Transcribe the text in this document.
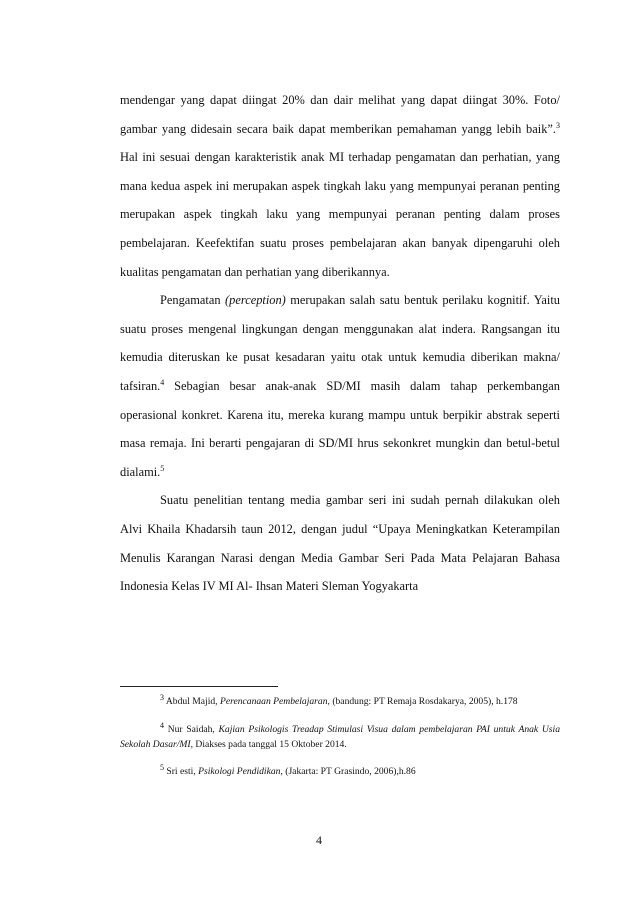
mendengar yang dapat diingat 20% dan dair melihat yang dapat diingat 30%. Foto/ gambar yang didesain secara baik dapat memberikan pemahaman yangg lebih baik”.$^3$ Hal ini sesuai dengan karakteristik anak MI terhadap pengamatan dan perhatian, yang mana kedua aspek ini merupakan aspek tingkah laku yang mempunyai peranan penting merupakan aspek tingkah laku yang mempunyai peranan penting dalam proses pembelajaran. Keefektifan suatu proses pembelajaran akan banyak dipengaruhi oleh kualitas pengamatan dan perhatian yang diberikannya.

Pengamatan (perception) merupakan salah satu bentuk perilaku kognitif. Yaitu suatu proses mengenal lingkungan dengan menggunakan alat indera. Rangsangan itu kemudia diteruskan ke pusat kesadaran yaitu otak untuk kemudia diberikan makna/ tafsiran.$^4$ Sebagian besar anak-anak SD/MI masih dalam tahap perkembangan operasional konkret. Karena itu, mereka kurang mampu untuk berpikir abstrak seperti masa remaja. Ini berarti pengajaran di SD/MI hrus sekonkret mungkin dan betul-betul dialami.$^5$

Suatu penelitian tentang media gambar seri ini sudah pernah dilakukan oleh Alvi Khaila Khadarsih taun 2012, dengan judul “Upaya Meningkatkan Keterampilan Menulis Karangan Narasi dengan Media Gambar Seri Pada Mata Pelajaran Bahasa Indonesia Kelas IV MI Al- Ihsan Materi Sleman Yogyakarta

$^3$ Abdul Majid, Perencanaan Pembelajaran, (bandung: PT Remaja Rosdakarya, 2005), h.178

$^4$ Nur Saidah, Kajian Psikologis Treadap Stimulasi Visua dalam pembelajaran PAI untuk Anak Usia Sekolah Dasar/MI, Diakses pada tanggal 15 Oktober 2014.

$^5$ Sri esti, Psikologi Pendidikan, (Jakarta: PT Grasindo, 2006),h.86

4
